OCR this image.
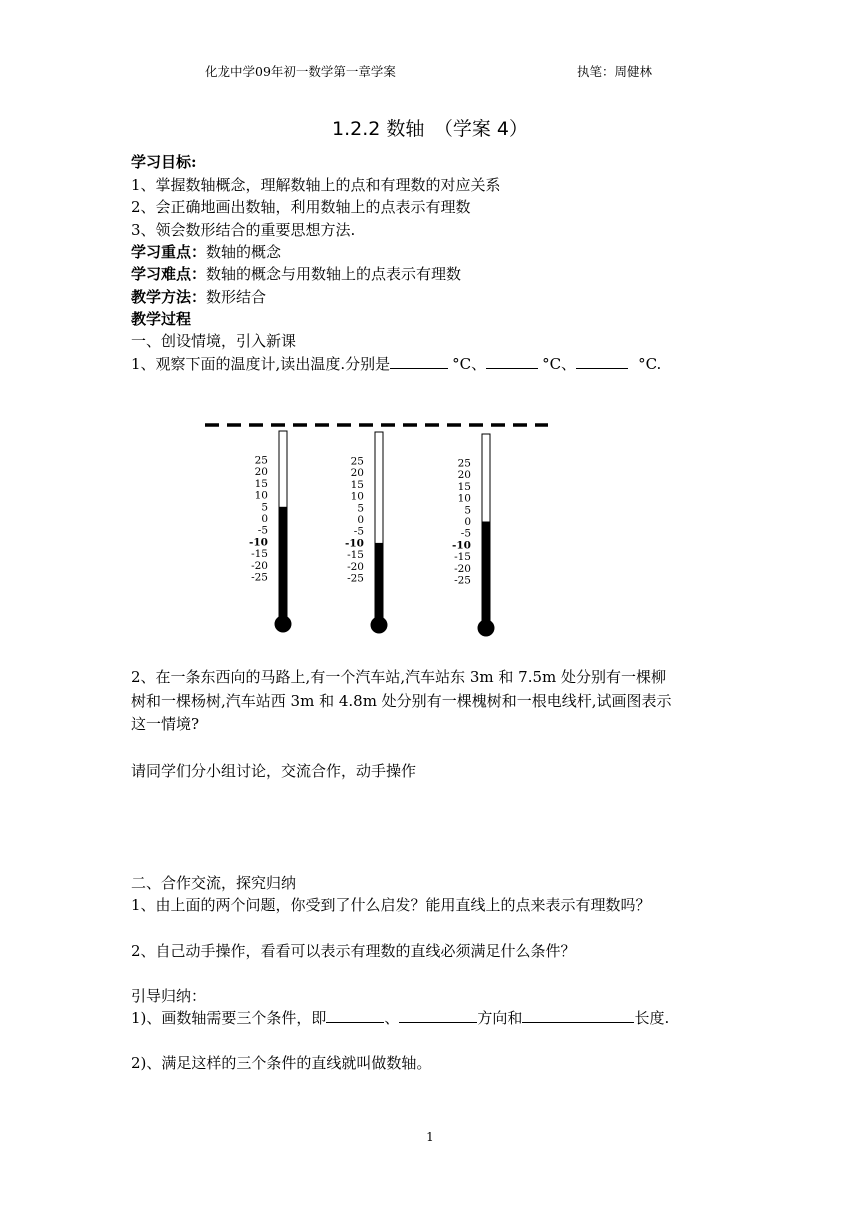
化龙中学09年初一数学第一章学案	执笔：周健林
1.2.2 数轴　（学案 4）
学习目标:
1、掌握数轴概念，理解数轴上的点和有理数的对应关系
2、会正确地画出数轴，利用数轴上的点表示有理数
3、领会数形结合的重要思想方法.
学习重点：数轴的概念
学习难点：数轴的概念与用数轴上的点表示有理数
教学方法：数形结合
教学过程
一、创设情境，引入新课
1、观察下面的温度计,读出温度.分别是	°C、	°C、	°C.
25
20
15
10
5
0
-5
-10
-15
-20
-25
25
20
15
10
5
0
-5
-10
-15
-20
-25
25
20
15
10
5
0
-5
-10
-15
-20
-25
2、在一条东西向的马路上,有一个汽车站,汽车站东 3m 和 7.5m 处分别有一棵柳
树和一棵杨树,汽车站西 3m 和 4.8m 处分别有一棵槐树和一根电线杆,试画图表示
这一情境?
请同学们分小组讨论，交流合作，动手操作
二、合作交流，探究归纳
1、由上面的两个问题，你受到了什么启发？能用直线上的点来表示有理数吗？
2、自己动手操作，看看可以表示有理数的直线必须满足什么条件？
引导归纳：
1)、画数轴需要三个条件，即	、	方向和	长度.
2)、满足这样的三个条件的直线就叫做数轴。
1
